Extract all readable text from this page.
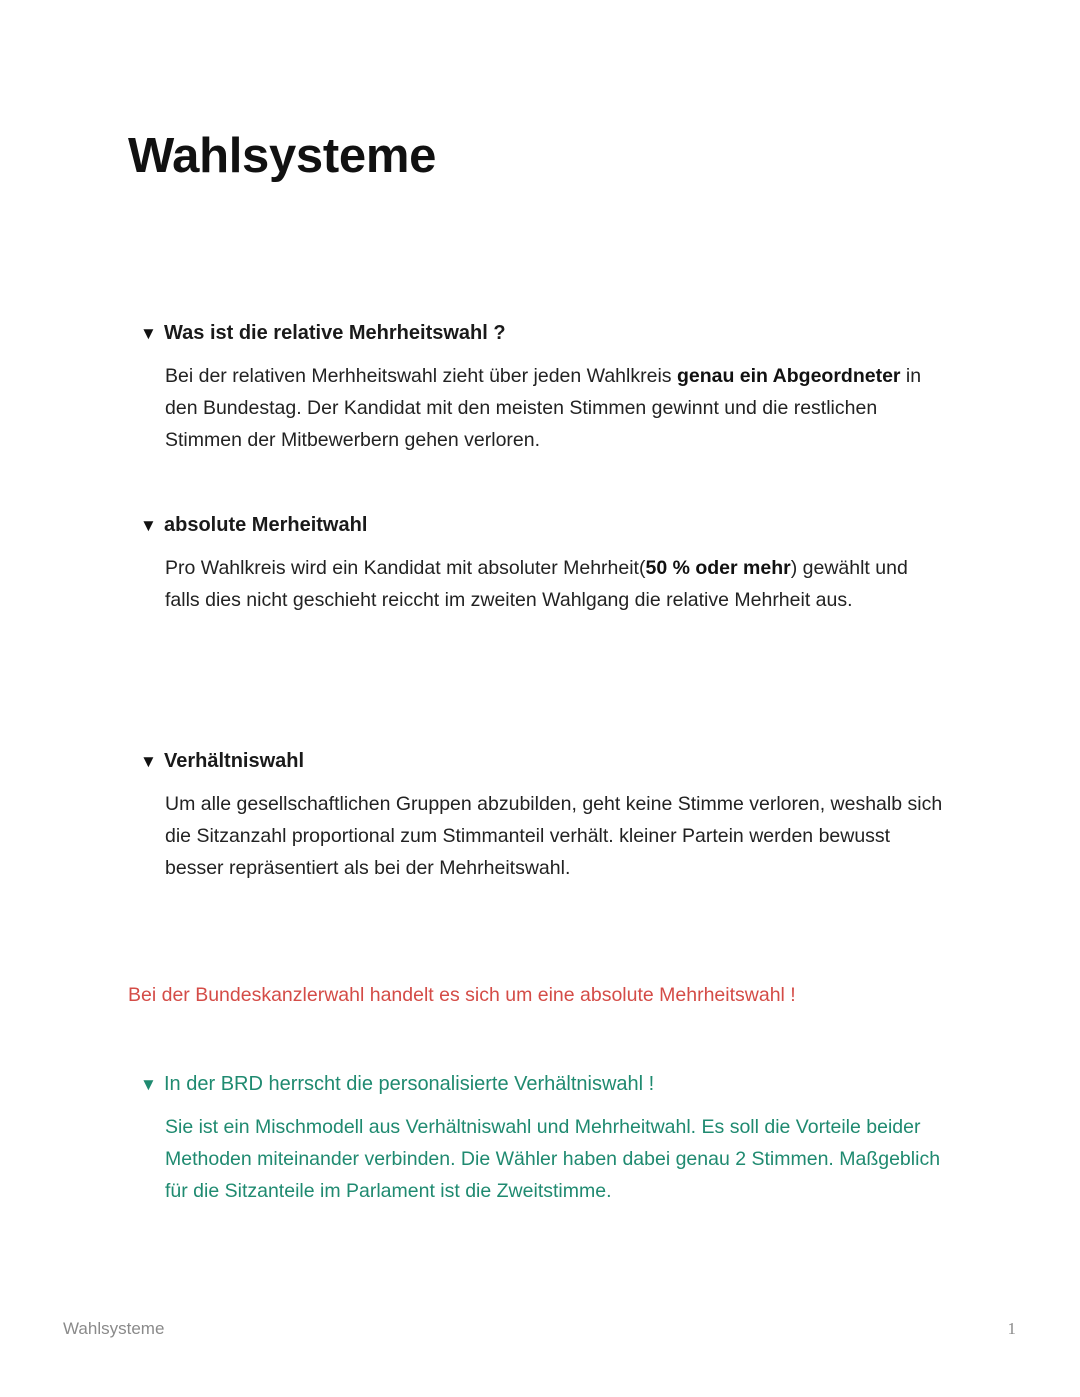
Wahlsysteme
▼ Was ist die relative Mehrheitswahl ?
Bei der relativen Merhheitswahl zieht über jeden Wahlkreis genau ein Abgeordneter in den Bundestag. Der Kandidat mit den meisten Stimmen gewinnt und die restlichen Stimmen der Mitbewerbern gehen verloren.
▼ absolute Merheitwahl
Pro Wahlkreis wird ein Kandidat mit absoluter Mehrheit(50 % oder mehr) gewählt und falls dies nicht geschieht reiccht im zweiten Wahlgang die relative Mehrheit aus.
▼ Verhältniswahl
Um alle gesellschaftlichen Gruppen abzubilden, geht keine Stimme verloren, weshalb sich die Sitzanzahl proportional zum Stimmanteil verhält. kleiner Partein werden bewusst besser repräsentiert als bei der Mehrheitswahl.
Bei der Bundeskanzlerwahl handelt es sich um eine absolute Mehrheitswahl !
▼ In der BRD herrscht die personalisierte Verhältniswahl !
Sie ist ein Mischmodell aus Verhältniswahl und Mehrheitwahl. Es soll die Vorteile beider Methoden miteinander verbinden. Die Wähler haben dabei genau 2 Stimmen. Maßgeblich für die Sitzanteile im Parlament ist die Zweitstimme.
Wahlsysteme	1
